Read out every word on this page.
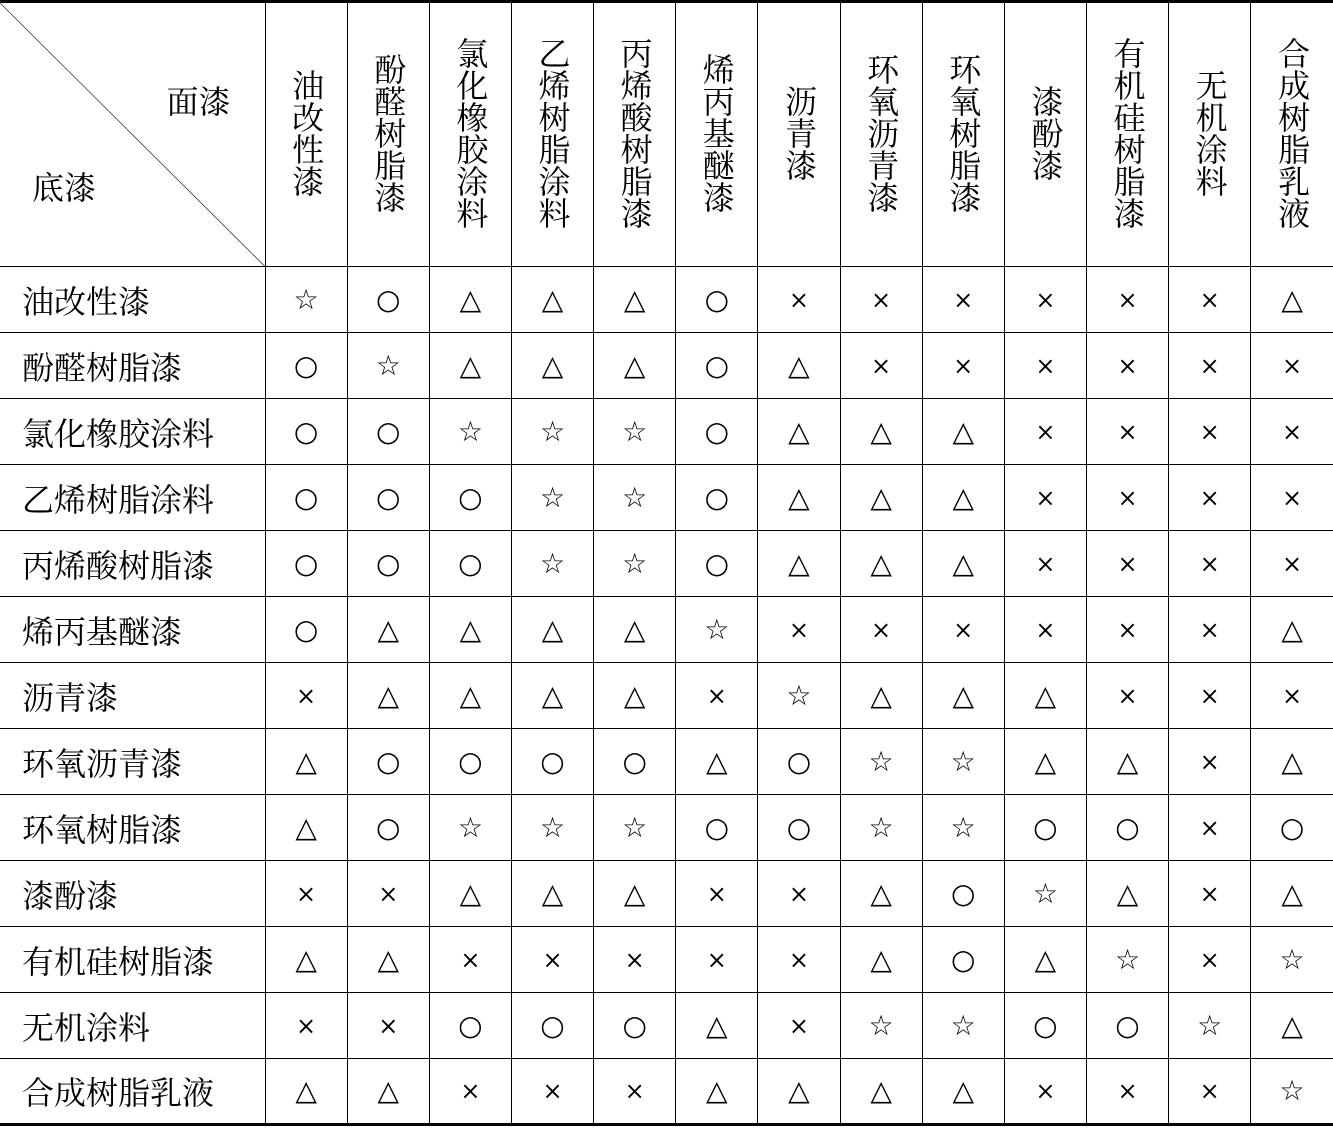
面漆
底漆	油改性漆	酚醛树脂漆	氯化橡胶涂料	乙烯树脂涂料	丙烯酸树脂漆	烯丙基醚漆	沥青漆	环氧沥青漆	环氧树脂漆	漆酚漆	有机硅树脂漆	无机涂料	合成树脂乳液
油改性漆	☆	○	△	△	△	○	×	×	×	×	×	×	△
酚醛树脂漆	○	☆	△	△	△	○	△	×	×	×	×	×	×
氯化橡胶涂料	○	○	☆	☆	☆	○	△	△	△	×	×	×	×
乙烯树脂涂料	○	○	○	☆	☆	○	△	△	△	×	×	×	×
丙烯酸树脂漆	○	○	○	☆	☆	○	△	△	△	×	×	×	×
烯丙基醚漆	○	△	△	△	△	☆	×	×	×	×	×	×	△
沥青漆	×	△	△	△	△	×	☆	△	△	△	×	×	×
环氧沥青漆	△	○	○	○	○	△	○	☆	☆	△	△	×	△
环氧树脂漆	△	○	☆	☆	☆	○	○	☆	☆	○	○	×	○
漆酚漆	×	×	△	△	△	×	×	△	○	☆	△	×	△
有机硅树脂漆	△	△	×	×	×	×	×	△	○	△	☆	×	☆
无机涂料	×	×	○	○	○	△	×	☆	☆	○	○	☆	△
合成树脂乳液	△	△	×	×	×	△	△	△	△	×	×	×	☆
